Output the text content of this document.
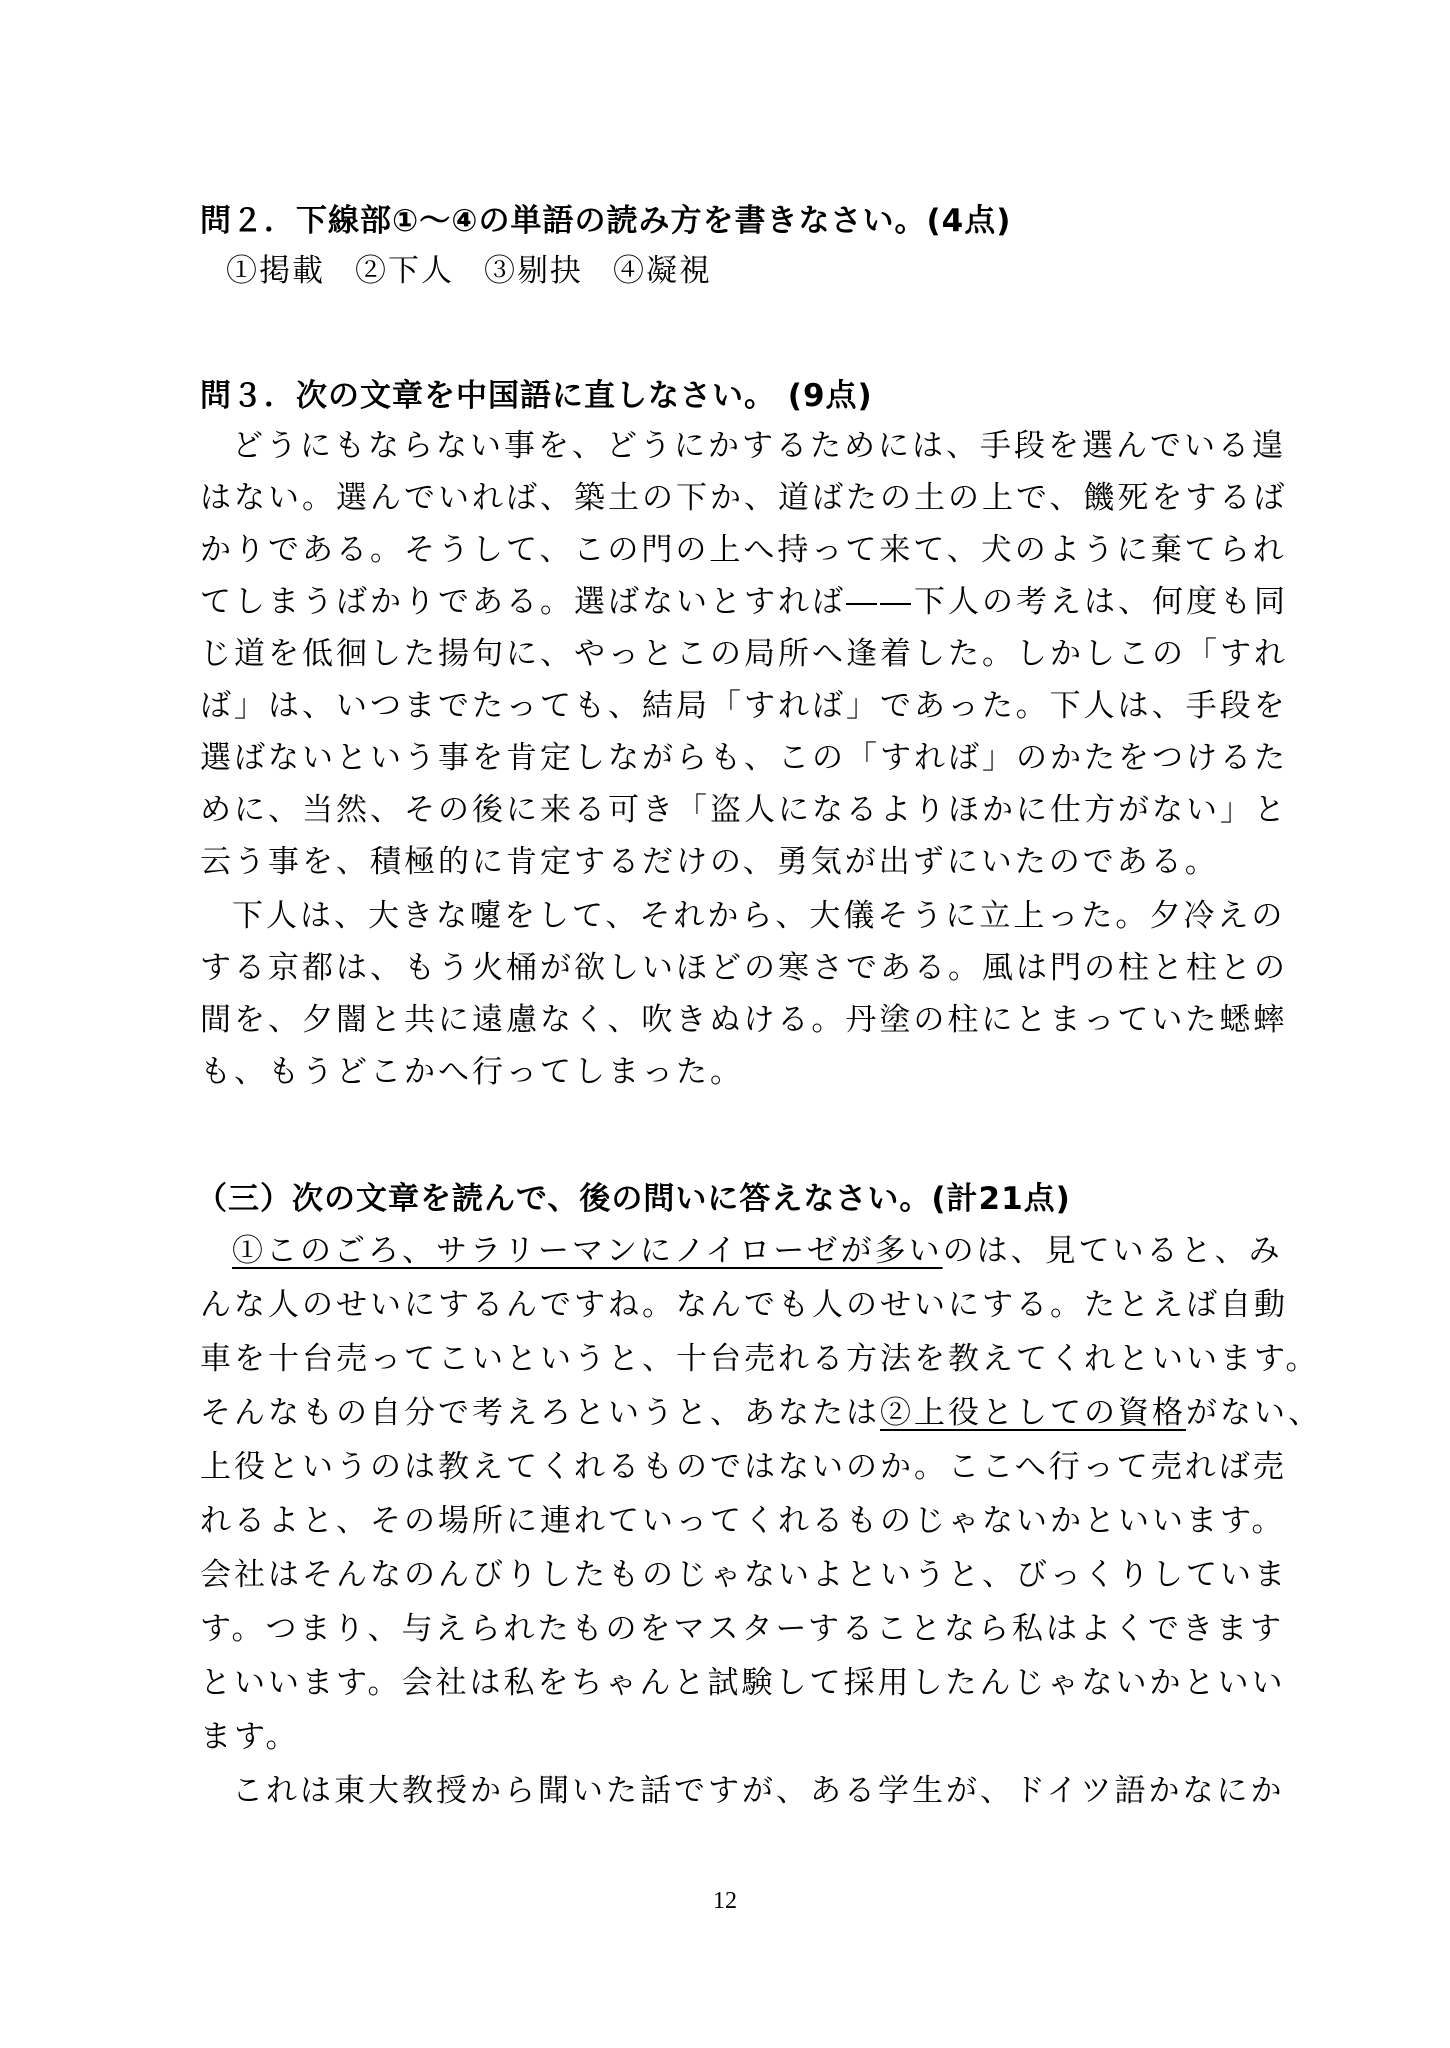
問２．下線部①～④の単語の読み方を書きなさい。(4点)
①掲載 ②下人 ③剔抉 ④凝視
問３．次の文章を中国語に直しなさい。 (9点)
どうにもならない事を、どうにかするためには、手段を選んでいる遑
はない。選んでいれば、築土の下か、道ばたの土の上で、饑死をするば
かりである。そうして、この門の上へ持って来て、犬のように棄てられ
てしまうばかりである。選ばないとすれば――下人の考えは、何度も同
じ道を低徊した揚句に、やっとこの局所へ逢着した。しかしこの「すれ
ば」は、いつまでたっても、結局「すれば」であった。下人は、手段を
選ばないという事を肯定しながらも、この「すれば」のかたをつけるた
めに、当然、その後に来る可き「盗人になるよりほかに仕方がない」と
云う事を、積極的に肯定するだけの、勇気が出ずにいたのである。
下人は、大きな嚔をして、それから、大儀そうに立上った。夕冷えの
する京都は、もう火桶が欲しいほどの寒さである。風は門の柱と柱との
間を、夕闇と共に遠慮なく、吹きぬける。丹塗の柱にとまっていた蟋蟀
も、もうどこかへ行ってしまった。
（三）次の文章を読んで、後の問いに答えなさい。(計21点)
①このごろ、サラリーマンにノイローゼが多いのは、見ていると、み
んな人のせいにするんですね。なんでも人のせいにする。たとえば自動
車を十台売ってこいというと、十台売れる方法を教えてくれといいます。
そんなもの自分で考えろというと、あなたは②上役としての資格がない、
上役というのは教えてくれるものではないのか。ここへ行って売れば売
れるよと、その場所に連れていってくれるものじゃないかといいます。
会社はそんなのんびりしたものじゃないよというと、びっくりしていま
す。つまり、与えられたものをマスターすることなら私はよくできます
といいます。会社は私をちゃんと試験して採用したんじゃないかといい
ます。
これは東大教授から聞いた話ですが、ある学生が、ドイツ語かなにか
12
